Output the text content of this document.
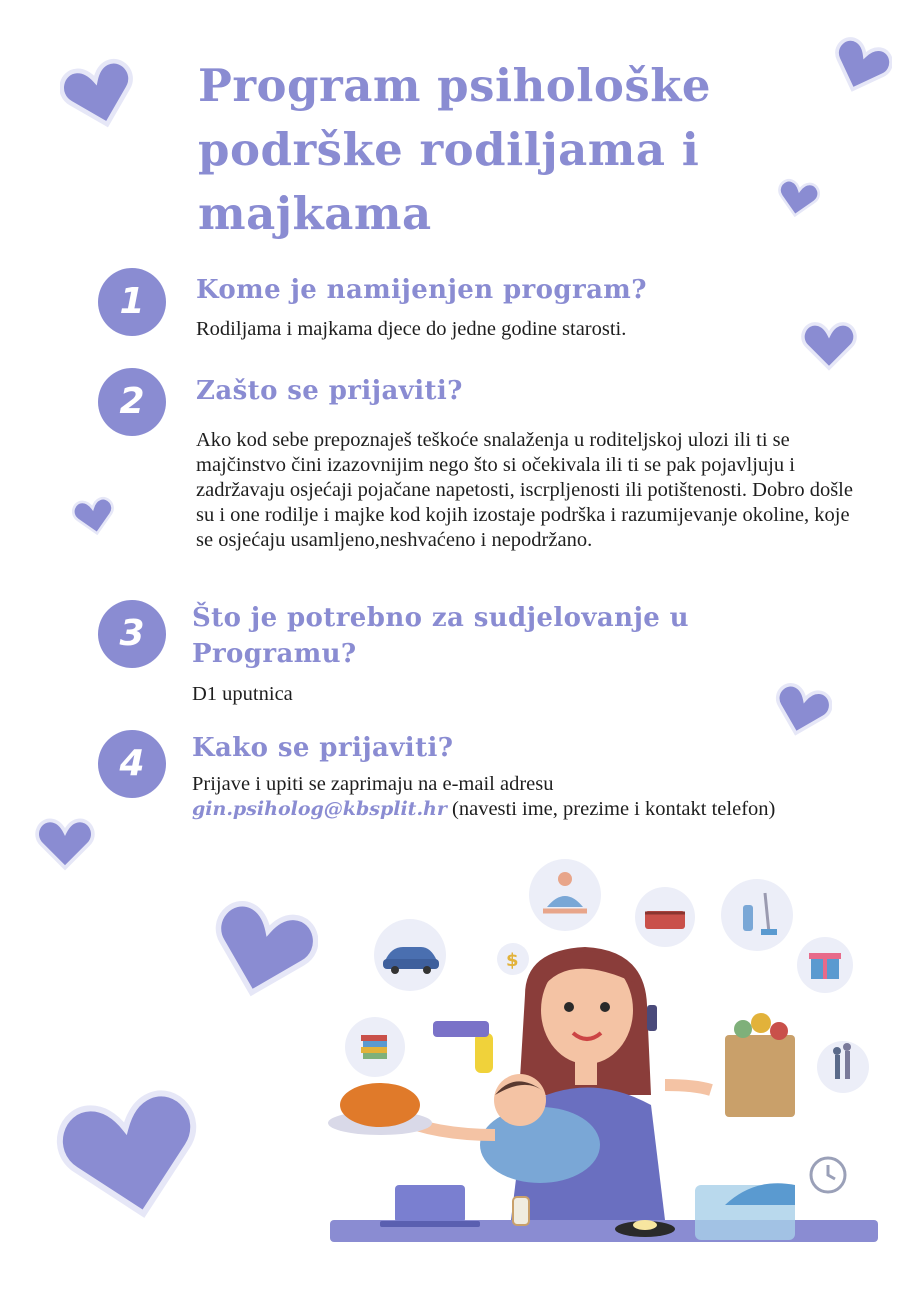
Program psihološke podrške rodiljama i majkama
1	Kome je namijenjen program?

Rodiljama i majkama djece do jedne godine starosti.

2	Zašto se prijaviti?

Ako kod sebe prepoznaješ teškoće snalaženja u roditeljskoj ulozi ili ti se majčinstvo čini izazovnijim nego što si očekivala ili ti se pak pojavljuju i zadržavaju osjećaji pojačane napetosti, iscrpljenosti ili potištenosti. Dobro došle su i one rodilje i majke kod kojih izostaje podrška i razumijevanje okoline, koje se osjećaju usamljeno,neshvaćeno i nepodržano.

3	Što je potrebno za sudjelovanje u Programu?

D1 uputnica

4	Kako se prijaviti?

Prijave i upiti se zaprimaju na e-mail adresu
gin.psiholog@kbsplit.hr (navesti ime, prezime i kontakt telefon)

$
